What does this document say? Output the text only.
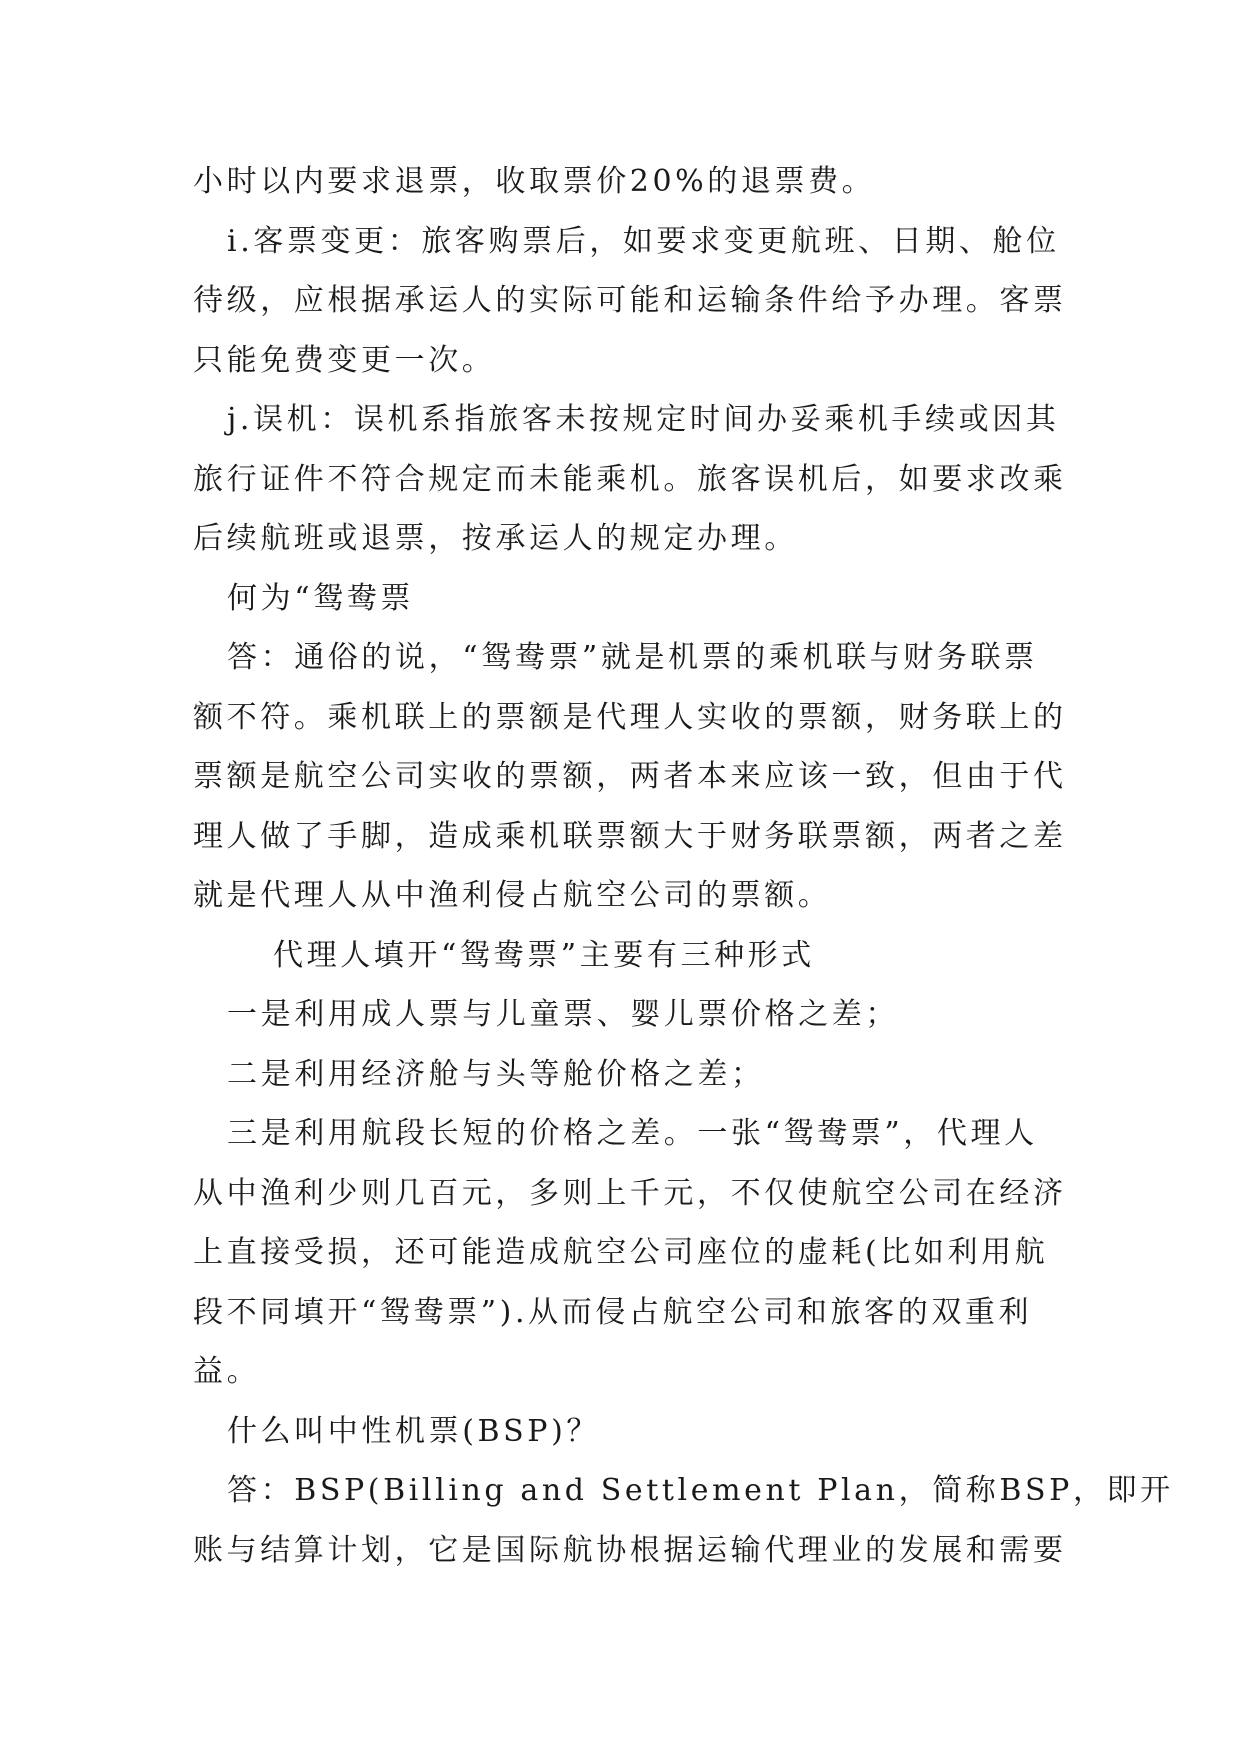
小时以内要求退票，收取票价20%的退票费。
i.客票变更：旅客购票后，如要求变更航班、日期、舱位
待级，应根据承运人的实际可能和运输条件给予办理。客票
只能免费变更一次。
j.误机：误机系指旅客未按规定时间办妥乘机手续或因其
旅行证件不符合规定而未能乘机。旅客误机后，如要求改乘
后续航班或退票，按承运人的规定办理。
何为“鸳鸯票
答：通俗的说，“鸳鸯票”就是机票的乘机联与财务联票
额不符。乘机联上的票额是代理人实收的票额，财务联上的
票额是航空公司实收的票额，两者本来应该一致，但由于代
理人做了手脚，造成乘机联票额大于财务联票额，两者之差
就是代理人从中渔利侵占航空公司的票额。
代理人填开“鸳鸯票”主要有三种形式
一是利用成人票与儿童票、婴儿票价格之差；
二是利用经济舱与头等舱价格之差；
三是利用航段长短的价格之差。一张“鸳鸯票”，代理人
从中渔利少则几百元，多则上千元，不仅使航空公司在经济
上直接受损，还可能造成航空公司座位的虚耗(比如利用航
段不同填开“鸳鸯票”).从而侵占航空公司和旅客的双重利
益。
什么叫中性机票(BSP)？
答：BSP(Billing and Settlement Plan，简称BSP，即开
账与结算计划，它是国际航协根据运输代理业的发展和需要
